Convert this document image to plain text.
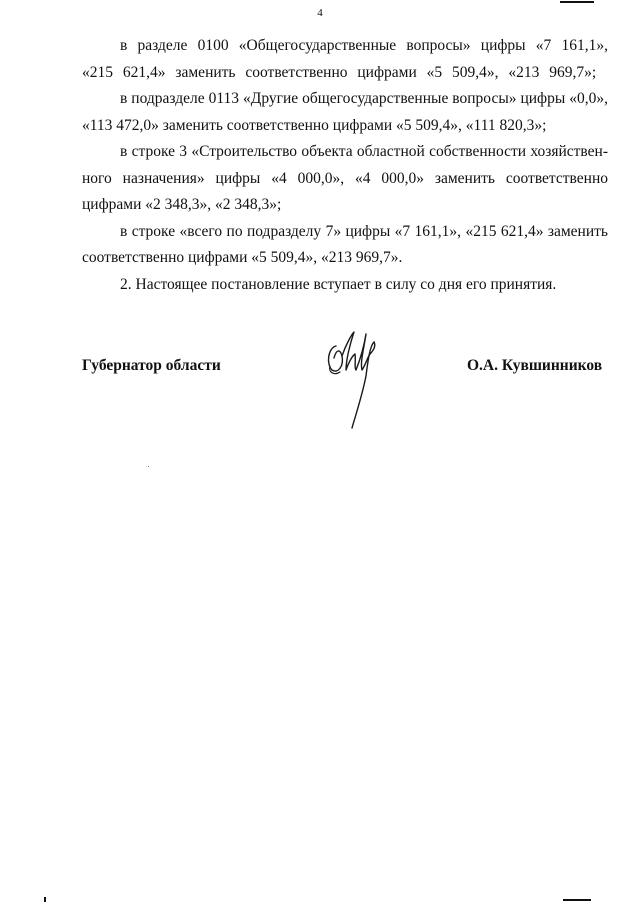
4

в разделе 0100 «Общегосударственные вопросы» цифры «7 161,1», «215 621,4» заменить соответственно цифрами «5 509,4», «213 969,7»;

в подразделе 0113 «Другие общегосударственные вопросы» цифры «0,0», «113 472,0» заменить соответственно цифрами «5 509,4», «111 820,3»;

в строке 3 «Строительство объекта областной собственности хозяйствен-ного назначения» цифры «4 000,0», «4 000,0» заменить соответственно цифрами «2 348,3», «2 348,3»;

в строке «всего по подразделу 7» цифры «7 161,1», «215 621,4» заменить соответственно цифрами «5 509,4», «213 969,7».

2. Настоящее постановление вступает в силу со дня его принятия.

Губернатор области	О.А. Кувшинников
